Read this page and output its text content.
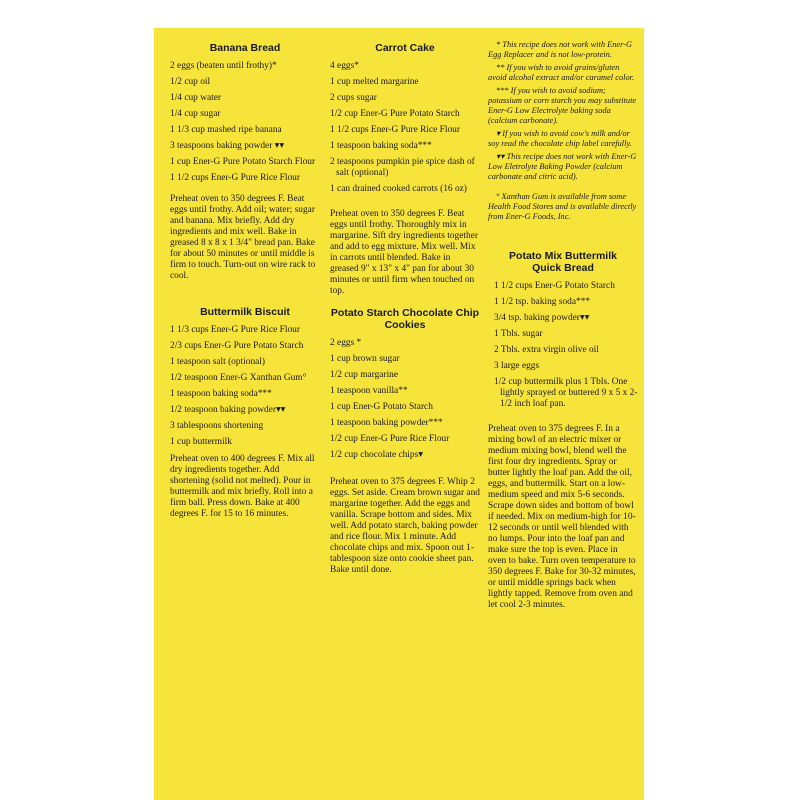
Banana Bread
2 eggs (beaten until frothy)*
1/2 cup oil
1/4 cup water
1/4 cup sugar
1 1/3 cup mashed ripe banana
3 teaspoons baking powder ▾▾
1 cup Ener-G Pure Potato Starch Flour
1 1/2 cups Ener-G Pure Rice Flour

Preheat oven to 350 degrees F. Beat eggs until frothy. Add oil; water; sugar and banana. Mix briefly. Add dry ingredients and mix well. Bake in greased 8 x 8 x 1 3/4" bread pan. Bake for about 50 minutes or until middle is firm to touch. Turn-out on wire rack to cool.

Buttermilk Biscuit
1 1/3 cups Ener-G Pure Rice Flour
2/3 cups Ener-G Pure Potato Starch
1 teaspoon salt (optional)
1/2 teaspoon Ener-G Xanthan Gum°
1 teaspoon baking soda***
1/2 teaspoon baking powder▾▾
3 tablespoons shortening
1 cup buttermilk

Preheat oven to 400 degrees F. Mix all dry ingredients together. Add shortening (solid not melted). Pour in buttermilk and mix briefly. Roll into a firm ball. Press down. Bake at 400 degrees F. for 15 to 16 minutes.

Carrot Cake
4 eggs*
1 cup melted margarine
2 cups sugar
1/2 cup Ener-G Pure Potato Starch
1 1/2 cups Ener-G Pure Rice Flour
1 teaspoon baking soda***
2 teaspoons pumpkin pie spice dash of salt (optional)
1 can drained cooked carrots (16 oz)

Preheat oven to 350 degrees F. Beat eggs until frothy. Thoroughly mix in margarine. Sift dry ingredients together and add to egg mixture. Mix well. Mix in carrots until blended. Bake in greased 9" x 13" x 4" pan for about 30 minutes or until firm when touched on top.

Potato Starch Chocolate Chip Cookies
2 eggs *
1 cup brown sugar
1/2 cup margarine
1 teaspoon vanilla**
1 cup Ener-G Potato Starch
1 teaspoon baking powder***
1/2 cup Ener-G Pure Rice Flour
1/2 cup chocolate chips▾

Preheat oven to 375 degrees F. Whip 2 eggs. Set aside. Cream brown sugar and margarine together. Add the eggs and vanilla. Scrape bottom and sides. Mix well. Add potato starch, baking powder and rice flour. Mix 1 minute. Add chocolate chips and mix. Spoon out 1-tablespoon size onto cookie sheet pan. Bake until done.

* This recipe does not work with Ener-G Egg Replacer and is not low-protein.

** If you wish to avoid grains/gluten avoid alcohol extract and/or caramel color.

*** If you wish to avoid sodium; potassium or corn starch you may substitute Ener-G Low Electrolyte baking soda (calcium carbonate).

▾ If you wish to avoid cow's milk and/or soy read the chocolate chip label carefully.

▾▾ This recipe does not work with Ener-G Low Eletrolyte Baking Powder (calcium carbonate and citric acid).

° Xanthan Gum is available from some Health Food Stores and is available directly from Ener-G Foods, Inc.

Potato Mix Buttermilk Quick Bread
1 1/2 cups Ener-G Potato Starch
1 1/2 tsp. baking soda***
3/4 tsp. baking powder▾▾
1 Tbls. sugar
2 Tbls. extra virgin olive oil
3 large eggs
1/2 cup buttermilk plus 1 Tbls. One lightly sprayed or buttered 9 x 5 x 2-1/2 inch loaf pan.

Preheat oven to 375 degrees F. In a mixing bowl of an electric mixer or medium mixing bowl, blend well the first four dry ingredients. Spray or butter lightly the loaf pan. Add the oil, eggs, and buttermilk. Start on a low-medium speed and mix 5-6 seconds. Scrape down sides and bottom of bowl if needed. Mix on medium-high for 10-12 seconds or until well blended with no lumps. Pour into the loaf pan and make sure the top is even. Place in oven to bake. Turn oven temperature to 350 degrees F. Bake for 30-32 minutes, or until middle springs back when lightly tapped. Remove from oven and let cool 2-3 minutes.
